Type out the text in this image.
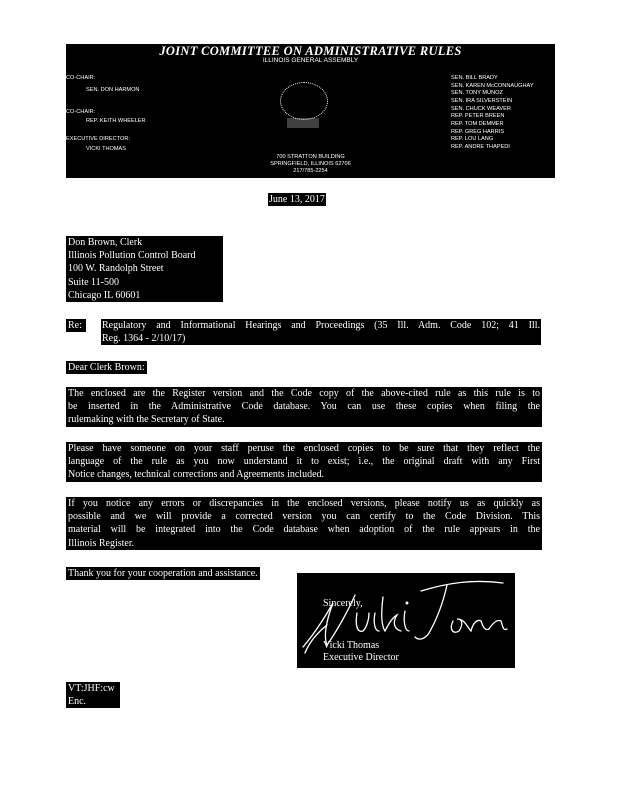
JOINT COMMITTEE ON ADMINISTRATIVE RULES
ILLINOIS GENERAL ASSEMBLY
CO-CHAIR:
SEN. DON HARMON
CO-CHAIR:
REP. KEITH WHEELER
EXECUTIVE DIRECTOR:
VICKI THOMAS
SEN. BILL BRADY
SEN. KAREN McCONNAUGHAY
SEN. TONY MUNOZ
SEN. IRA SILVERSTEIN
SEN. CHUCK WEAVER
REP. PETER BREEN
REP. TOM DEMMER
REP. GREG HARRIS
REP. LOU LANG
REP. ANDRE THAPEDI
700 STRATTON BUILDING
SPRINGFIELD, ILLINOIS 62706
217/785-2254
June 13, 2017
Don Brown, Clerk
Illinois Pollution Control Board
100 W. Randolph Street
Suite 11-500
Chicago IL 60601
Re:	Regulatory and Informational Hearings and Proceedings (35 Ill. Adm. Code 102; 41 Ill.
Reg. 1364 - 2/10/17)
Dear Clerk Brown:
The enclosed are the Register version and the Code copy of the above-cited rule as this rule is to
be inserted in the Administrative Code database. You can use these copies when filing the
rulemaking with the Secretary of State.
Please have someone on your staff peruse the enclosed copies to be sure that they reflect the
language of the rule as you now understand it to exist; i.e., the original draft with any First
Notice changes, technical corrections and Agreements included.
If you notice any errors or discrepancies in the enclosed versions, please notify us as quickly as
possible and we will provide a corrected version you can certify to the Code Division. This
material will be integrated into the Code database when adoption of the rule appears in the
Illinois Register.
Thank you for your cooperation and assistance.
Sincerely,
Vicki Thomas
Executive Director
VT:JHF:cw
Enc.
